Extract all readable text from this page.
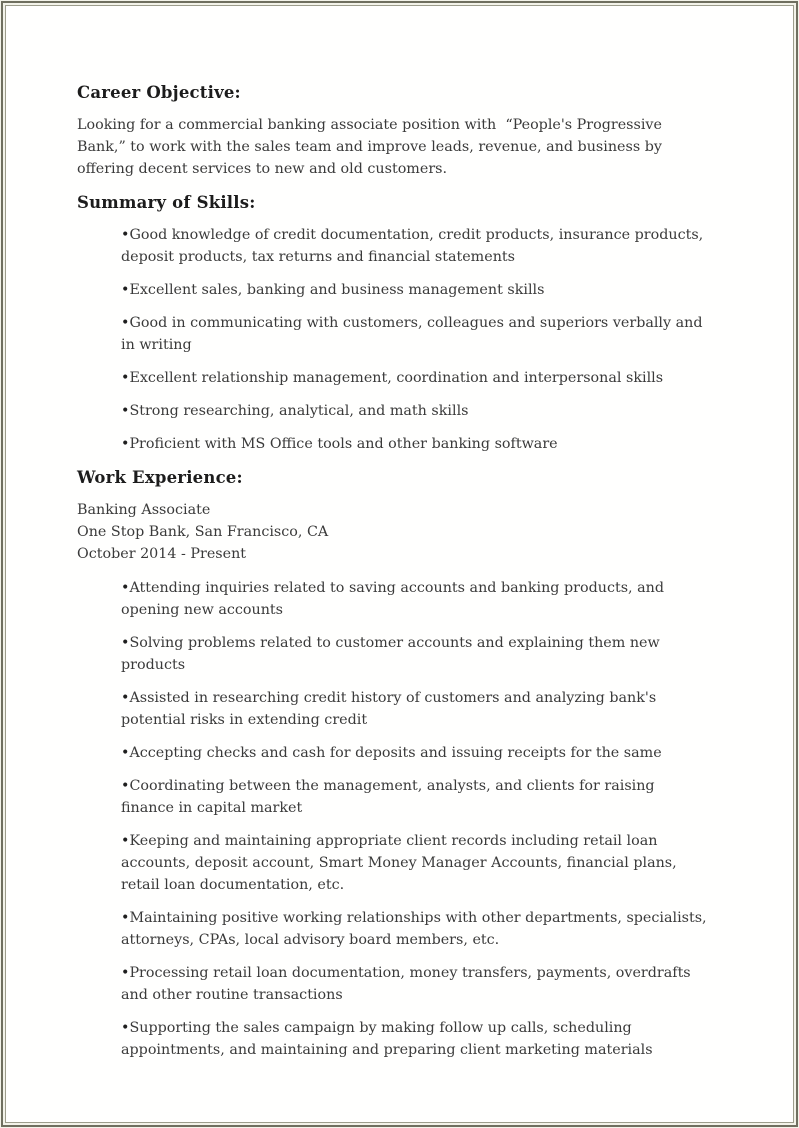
Career Objective:

Looking for a commercial banking associate position with  “People's Progressive Bank,” to work with the sales team and improve leads, revenue, and business by offering decent services to new and old customers.

Summary of Skills:
•Good knowledge of credit documentation, credit products, insurance products, deposit products, tax returns and financial statements
•Excellent sales, banking and business management skills
•Good in communicating with customers, colleagues and superiors verbally and in writing
•Excellent relationship management, coordination and interpersonal skills
•Strong researching, analytical, and math skills
•Proficient with MS Office tools and other banking software
Work Experience:

Banking Associate

One Stop Bank, San Francisco, CA

October 2014 - Present

•Attending inquiries related to saving accounts and banking products, and opening new accounts
•Solving problems related to customer accounts and explaining them new products
•Assisted in researching credit history of customers and analyzing bank's potential risks in extending credit
•Accepting checks and cash for deposits and issuing receipts for the same
•Coordinating between the management, analysts, and clients for raising finance in capital market
•Keeping and maintaining appropriate client records including retail loan accounts, deposit account, Smart Money Manager Accounts, financial plans, retail loan documentation, etc.
•Maintaining positive working relationships with other departments, specialists, attorneys, CPAs, local advisory board members, etc.
•Processing retail loan documentation, money transfers, payments, overdrafts and other routine transactions
•Supporting the sales campaign by making follow up calls, scheduling appointments, and maintaining and preparing client marketing materials
